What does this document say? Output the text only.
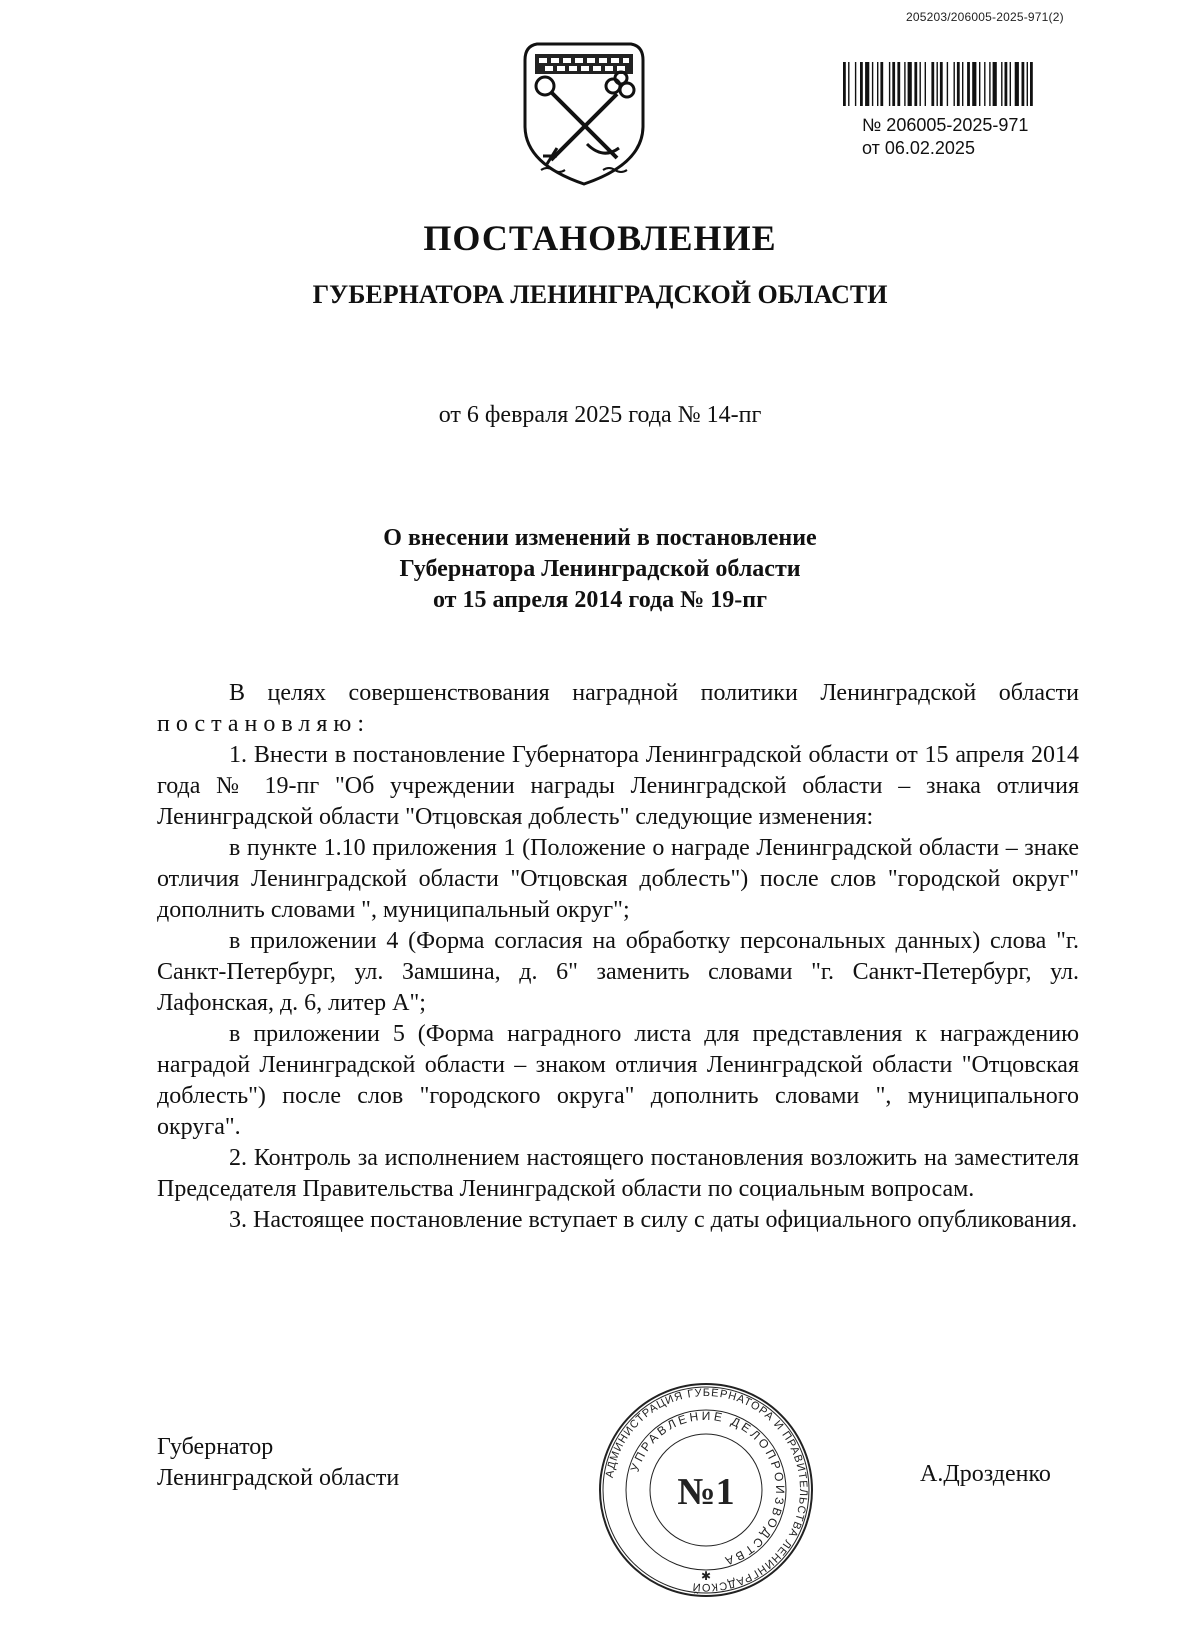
205203/206005-2025-971(2)
№ 206005-2025-971
от 06.02.2025
ПОСТАНОВЛЕНИЕ
ГУБЕРНАТОРА ЛЕНИНГРАДСКОЙ ОБЛАСТИ
от 6 февраля 2025 года № 14-пг
О внесении изменений в постановление
Губернатора Ленинградской области
от 15 апреля 2014 года № 19-пг

В целях совершенствования наградной политики Ленинградской области постановляю:

1. Внести в постановление Губернатора Ленинградской области от 15 апреля 2014 года № 19-пг "Об учреждении награды Ленинградской области – знака отличия Ленинградской области "Отцовская доблесть" следующие изменения:

в пункте 1.10 приложения 1 (Положение о награде Ленинградской области – знаке отличия Ленинградской области "Отцовская доблесть") после слов "городской округ" дополнить словами ", муниципальный округ";

в приложении 4 (Форма согласия на обработку персональных данных) слова "г. Санкт-Петербург, ул. Замшина, д. 6" заменить словами "г. Санкт-Петербург, ул. Лафонская, д. 6, литер А";

в приложении 5 (Форма наградного листа для представления к награждению наградой Ленинградской области – знаком отличия Ленинградской области "Отцовская доблесть") после слов "городского округа" дополнить словами ", муниципального округа".

2. Контроль за исполнением настоящего постановления возложить на заместителя Председателя Правительства Ленинградской области по социальным вопросам.

3. Настоящее постановление вступает в силу с даты официального опубликования.

Губернатор
Ленинградской области	А.Дрозденко
АДМИНИСТРАЦИЯ ГУБЕРНАТОРА И ПРАВИТЕЛЬСТВА ЛЕНИНГРАДСКОЙ
УПРАВЛЕНИЕ ДЕЛОПРОИЗВОДСТВА
№1
✱
